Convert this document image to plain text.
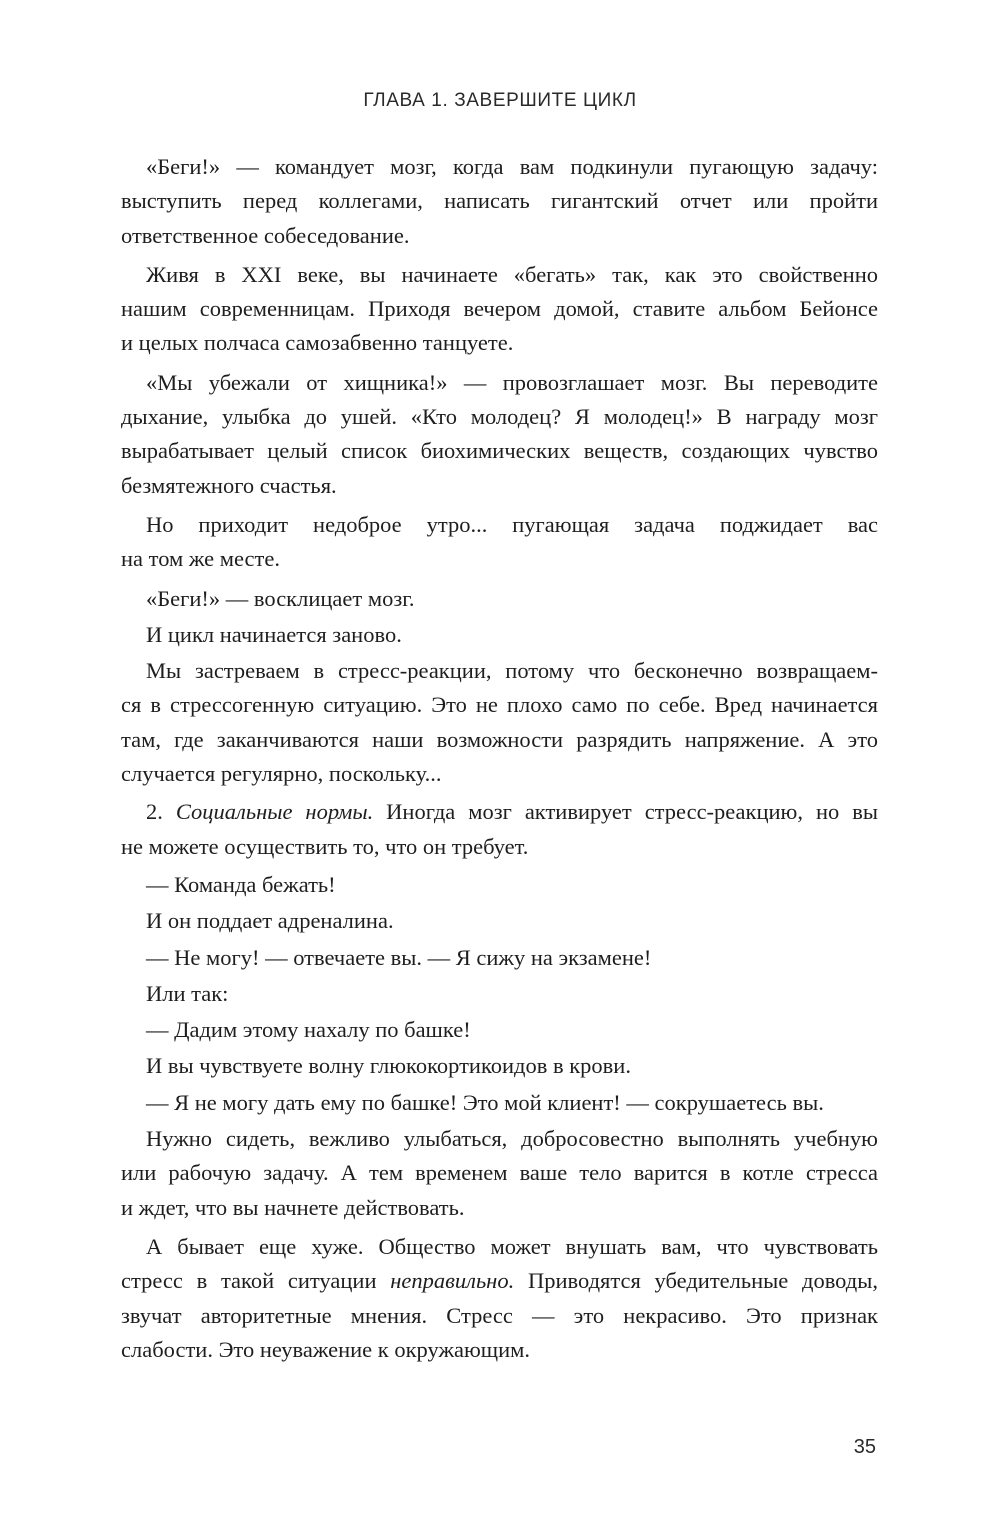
ГЛАВА 1. ЗАВЕРШИТЕ ЦИКЛ
«Беги!» — командует мозг, когда вам подкинули пугающую задачу:
выступить перед коллегами, написать гигантский отчет или пройти
ответственное собеседование.
Живя в XXI веке, вы начинаете «бегать» так, как это свойственно
нашим современницам. Приходя вечером домой, ставите альбом Бейонсе
и целых полчаса самозабвенно танцуете.
«Мы убежали от хищника!» — провозглашает мозг. Вы переводите
дыхание, улыбка до ушей. «Кто молодец? Я молодец!» В награду мозг
вырабатывает целый список биохимических веществ, создающих чувство
безмятежного счастья.
Но приходит недоброе утро... пугающая задача поджидает вас
на том же месте.
«Беги!» — восклицает мозг.
И цикл начинается заново.
Мы застреваем в стресс-реакции, потому что бесконечно возвращаем-
ся в стрессогенную ситуацию. Это не плохо само по себе. Вред начинается
там, где заканчиваются наши возможности разрядить напряжение. А это
случается регулярно, поскольку...
2. Социальные нормы. Иногда мозг активирует стресс-реакцию, но вы
не можете осуществить то, что он требует.
— Команда бежать!
И он поддает адреналина.
— Не могу! — отвечаете вы. — Я сижу на экзамене!
Или так:
— Дадим этому нахалу по башке!
И вы чувствуете волну глюкокортикоидов в крови.
— Я не могу дать ему по башке! Это мой клиент! — сокрушаетесь вы.
Нужно сидеть, вежливо улыбаться, добросовестно выполнять учебную
или рабочую задачу. А тем временем ваше тело варится в котле стресса
и ждет, что вы начнете действовать.
А бывает еще хуже. Общество может внушать вам, что чувствовать
стресс в такой ситуации неправильно. Приводятся убедительные доводы,
звучат авторитетные мнения. Стресс — это некрасиво. Это признак
слабости. Это неуважение к окружающим.
35
